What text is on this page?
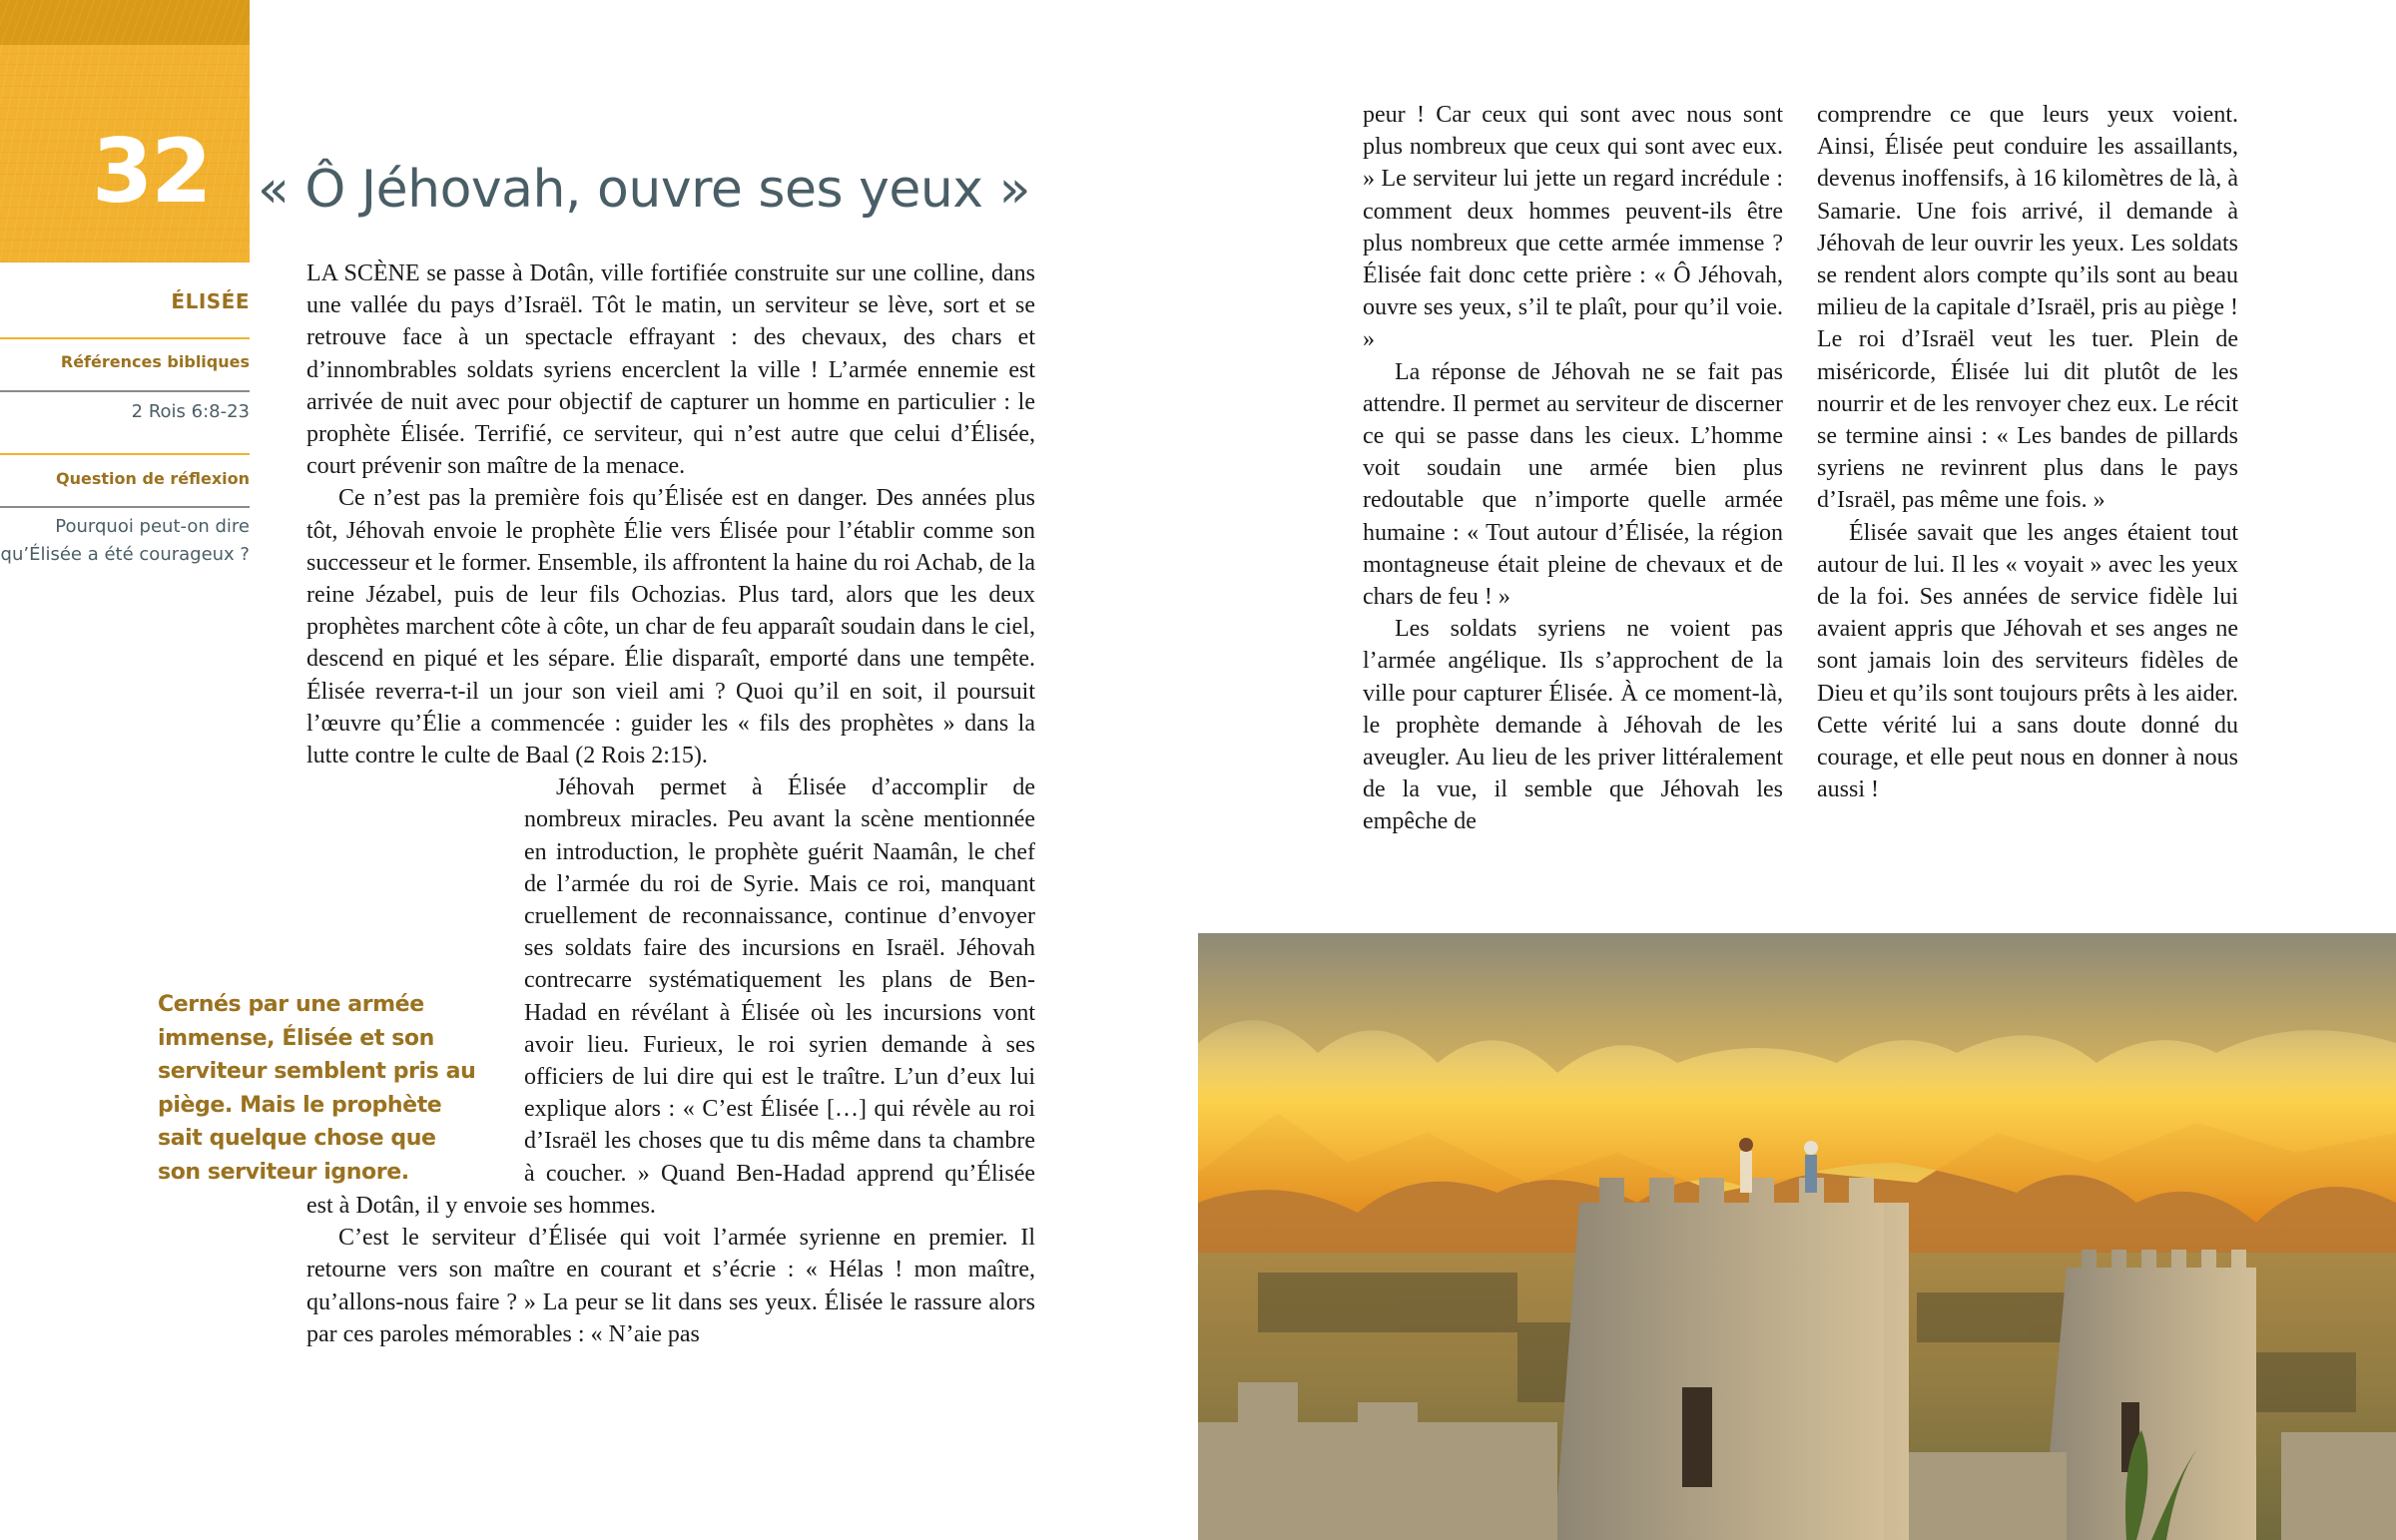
32 « Ô Jéhovah, ouvre ses yeux »
ÉLISÉE
Références bibliques
2 Rois 6:8-23
Question de réflexion
Pourquoi peut-on dire qu’Élisée a été courageux ?

LA SCÈNE se passe à Dotân, ville fortifiée construite sur une colline, dans une vallée du pays d’Israël. Tôt le matin, un serviteur se lève, sort et se retrouve face à un spectacle effrayant : des chevaux, des chars et d’innombrables soldats syriens encerclent la ville ! L’armée ennemie est arrivée de nuit avec pour objectif de capturer un homme en particulier : le prophète Élisée. Terrifié, ce serviteur, qui n’est autre que celui d’Élisée, court prévenir son maître de la menace.

Ce n’est pas la première fois qu’Élisée est en danger. Des années plus tôt, Jéhovah envoie le prophète Élie vers Élisée pour l’établir comme son successeur et le former. Ensemble, ils affrontent la haine du roi Achab, de la reine Jézabel, puis de leur fils Ochozias. Plus tard, alors que les deux prophètes marchent côte à côte, un char de feu apparaît soudain dans le ciel, descend en piqué et les sépare. Élie disparaît, emporté dans une tempête. Élisée reverra-t-il un jour son vieil ami ? Quoi qu’il en soit, il poursuit l’œuvre qu’Élie a commencée : guider les « fils des prophètes » dans la lutte contre le culte de Baal (2 Rois 2:15).

Jéhovah permet à Élisée d’accomplir de nombreux miracles. Peu avant la scène mentionnée en introduction, le prophète guérit Naamân, le chef de l’armée du roi de Syrie. Mais ce roi, manquant cruellement de reconnaissance, continue d’envoyer ses soldats faire des incursions en Israël. Jéhovah contrecarre systématiquement les plans de Ben-Hadad en révélant à Élisée où les incursions vont avoir lieu. Furieux, le roi syrien demande à ses officiers de lui dire qui est le traître. L’un d’eux lui explique alors : « C’est Élisée […] qui révèle au roi d’Israël les choses que tu dis même dans ta chambre à coucher. » Quand Ben-Hadad apprend qu’Élisée est à Dotân, il y envoie ses hommes.

C’est le serviteur d’Élisée qui voit l’armée syrienne en premier. Il retourne vers son maître en courant et s’écrie : « Hélas ! mon maître, qu’allons-nous faire ? » La peur se lit dans ses yeux. Élisée le rassure alors par ces paroles mémorables : « N’aie pas

Cernés par une armée immense, Élisée et son serviteur semblent pris au piège. Mais le prophète sait quelque chose que son serviteur ignore.

peur ! Car ceux qui sont avec nous sont plus nombreux que ceux qui sont avec eux. » Le serviteur lui jette un regard incrédule : comment deux hommes peuvent-ils être plus nombreux que cette armée immense ? Élisée fait donc cette prière : « Ô Jéhovah, ouvre ses yeux, s’il te plaît, pour qu’il voie. »

La réponse de Jéhovah ne se fait pas attendre. Il permet au serviteur de discerner ce qui se passe dans les cieux. L’homme voit soudain une armée bien plus redoutable que n’importe quelle armée humaine : « Tout autour d’Élisée, la région montagneuse était pleine de chevaux et de chars de feu ! »

Les soldats syriens ne voient pas l’armée angélique. Ils s’approchent de la ville pour capturer Élisée. À ce moment-là, le prophète demande à Jéhovah de les aveugler. Au lieu de les priver littéralement de la vue, il semble que Jéhovah les empêche de

comprendre ce que leurs yeux voient. Ainsi, Élisée peut conduire les assaillants, devenus inoffensifs, à 16 kilomètres de là, à Samarie. Une fois arrivé, il demande à Jéhovah de leur ouvrir les yeux. Les soldats se rendent alors compte qu’ils sont au beau milieu de la capitale d’Israël, pris au piège ! Le roi d’Israël veut les tuer. Plein de miséricorde, Élisée lui dit plutôt de les nourrir et de les renvoyer chez eux. Le récit se termine ainsi : « Les bandes de pillards syriens ne revinrent plus dans le pays d’Israël, pas même une fois. »

Élisée savait que les anges étaient tout autour de lui. Il les « voyait » avec les yeux de la foi. Ses années de service fidèle lui avaient appris que Jéhovah et ses anges ne sont jamais loin des serviteurs fidèles de Dieu et qu’ils sont toujours prêts à les aider. Cette vérité lui a sans doute donné du courage, et elle peut nous en donner à nous aussi !
